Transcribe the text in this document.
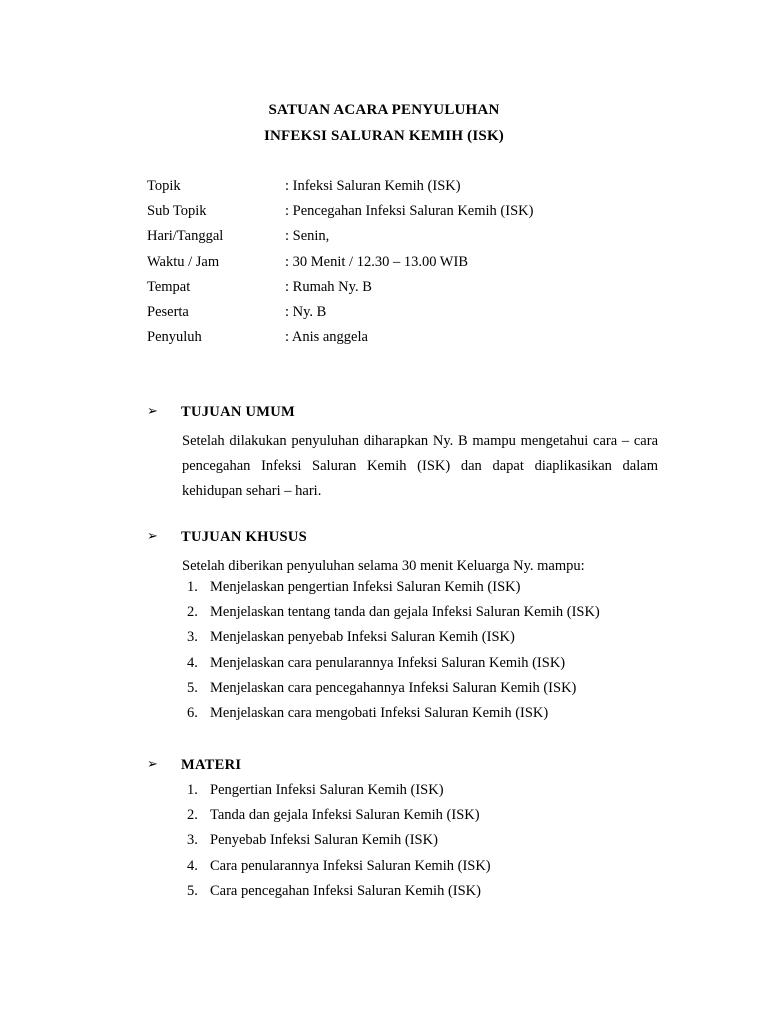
SATUAN ACARA PENYULUHAN
INFEKSI SALURAN KEMIH (ISK)
Topik	: Infeksi Saluran Kemih (ISK)
Sub Topik	: Pencegahan Infeksi Saluran Kemih (ISK)
Hari/Tanggal	: Senin,
Waktu / Jam	: 30 Menit / 12.30 – 13.00 WIB
Tempat	: Rumah Ny. B
Peserta	: Ny. B
Penyuluh	: Anis anggela
➢ TUJUAN UMUM
Setelah dilakukan penyuluhan diharapkan Ny. B mampu mengetahui cara – cara pencegahan Infeksi Saluran Kemih (ISK) dan dapat diaplikasikan dalam kehidupan sehari – hari.
➢ TUJUAN KHUSUS
Setelah diberikan penyuluhan selama 30 menit Keluarga Ny. mampu:
1. Menjelaskan pengertian Infeksi Saluran Kemih (ISK)
2. Menjelaskan tentang tanda dan gejala Infeksi Saluran Kemih (ISK)
3. Menjelaskan penyebab Infeksi Saluran Kemih (ISK)
4. Menjelaskan cara penularannya Infeksi Saluran Kemih (ISK)
5. Menjelaskan cara pencegahannya Infeksi Saluran Kemih (ISK)
6. Menjelaskan cara mengobati Infeksi Saluran Kemih (ISK)
➢ MATERI
1. Pengertian Infeksi Saluran Kemih (ISK)
2. Tanda dan gejala Infeksi Saluran Kemih (ISK)
3. Penyebab Infeksi Saluran Kemih (ISK)
4. Cara penularannya Infeksi Saluran Kemih (ISK)
5. Cara pencegahan Infeksi Saluran Kemih (ISK)
